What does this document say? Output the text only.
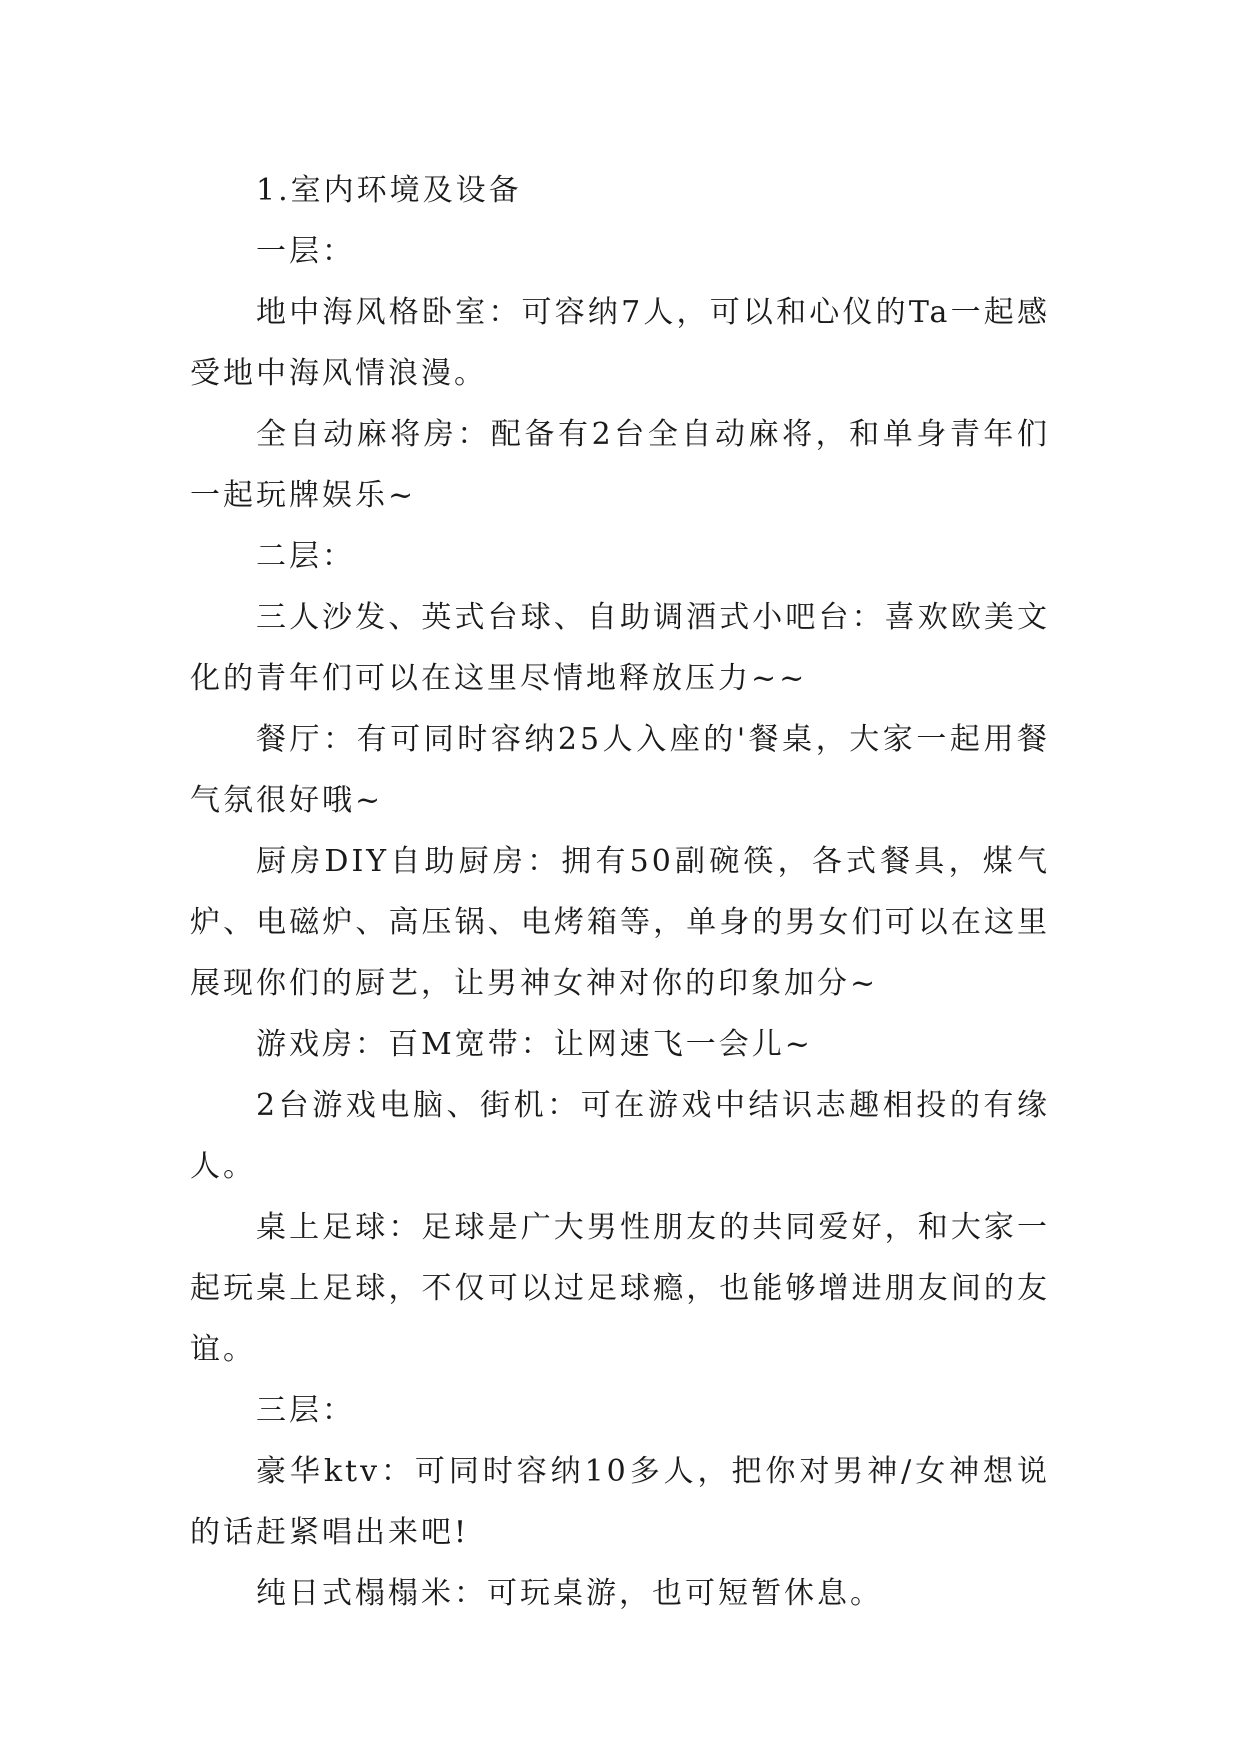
1.室内环境及设备

一层：

地中海风格卧室：可容纳7人，可以和心仪的Ta一起感受地中海风情浪漫。

全自动麻将房：配备有2台全自动麻将，和单身青年们一起玩牌娱乐~

二层：

三人沙发、英式台球、自助调酒式小吧台：喜欢欧美文化的青年们可以在这里尽情地释放压力~~

餐厅：有可同时容纳25人入座的'餐桌，大家一起用餐气氛很好哦~

厨房DIY自助厨房：拥有50副碗筷，各式餐具，煤气炉、电磁炉、高压锅、电烤箱等，单身的男女们可以在这里展现你们的厨艺，让男神女神对你的印象加分~

游戏房：百M宽带：让网速飞一会儿~

2台游戏电脑、街机：可在游戏中结识志趣相投的有缘人。

桌上足球：足球是广大男性朋友的共同爱好，和大家一起玩桌上足球，不仅可以过足球瘾，也能够增进朋友间的友谊。

三层：

豪华ktv：可同时容纳10多人，把你对男神/女神想说的话赶紧唱出来吧!

纯日式榻榻米：可玩桌游，也可短暂休息。
